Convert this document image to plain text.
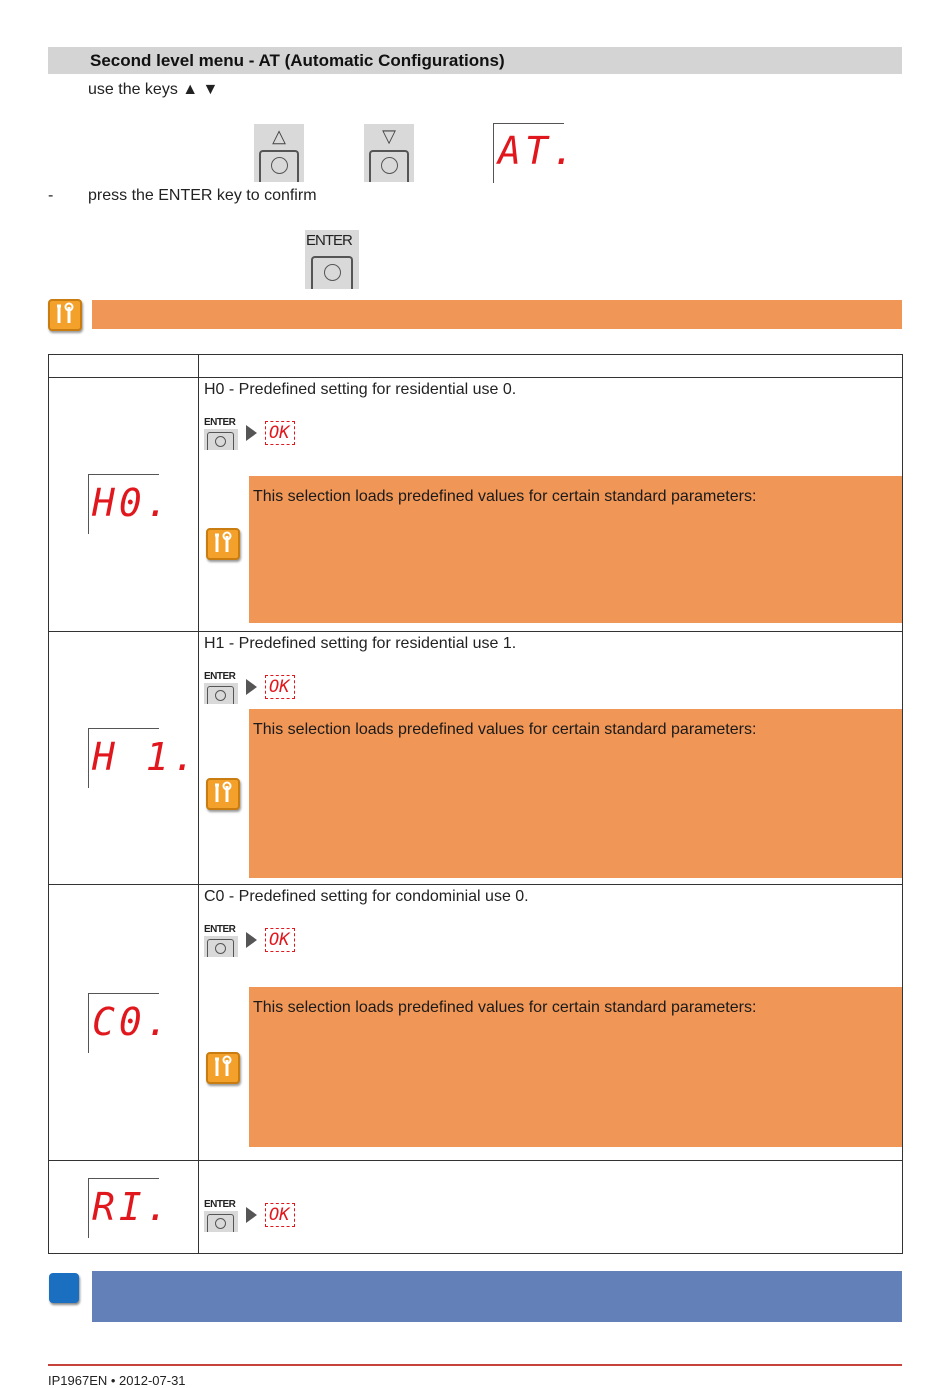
Second level menu - AT (Automatic Configurations)
use the keys ▲ ▼
△	▽	AT.
- press the ENTER key to confirm
ENTER

H0.	H0 - Predefined setting for residential use 0.
ENTER
OK
This selection loads predefined values for certain standard parameters:

H 1.	H1 - Predefined setting for residential use 1.
ENTER
OK
This selection loads predefined values for certain standard parameters:

C0.	C0 - Predefined setting for condominial use 0.
ENTER
OK
This selection loads predefined values for certain standard parameters:

RI.	ENTER
OK
IP1967EN • 2012-07-31
